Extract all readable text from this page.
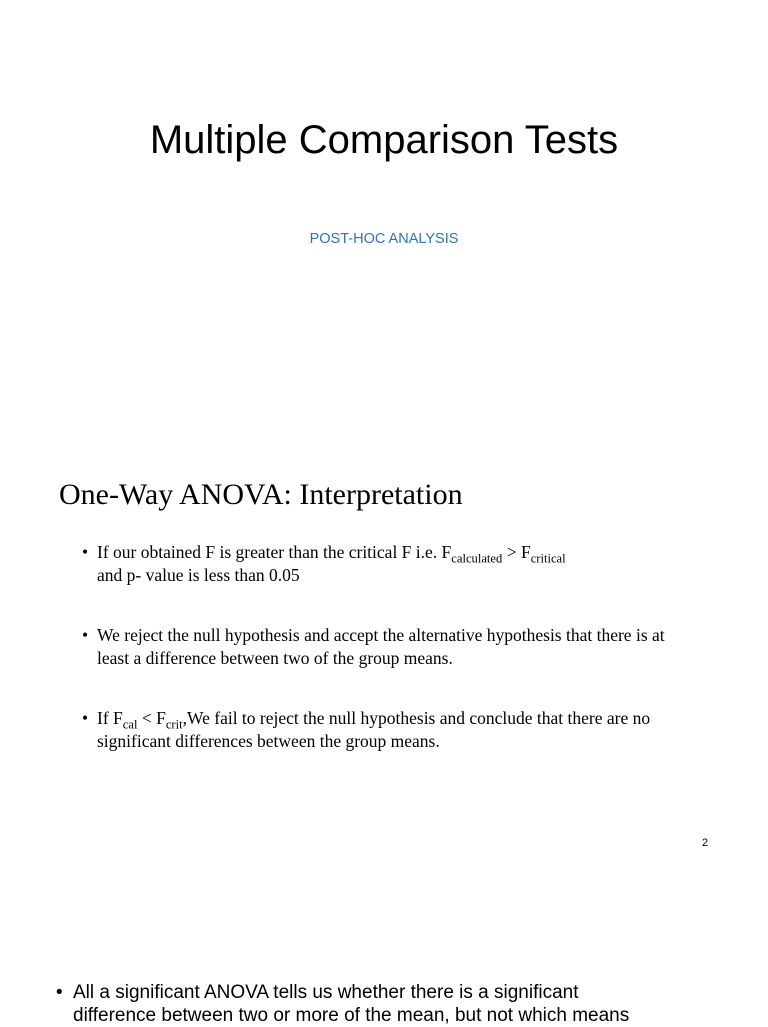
Multiple Comparison Tests
POST-HOC ANALYSIS
One-Way ANOVA: Interpretation
• If our obtained F is greater than the critical F i.e. $F_{calculated} > F_{critical}$
and p- value is less than 0.05
• We reject the null hypothesis and accept the alternative hypothesis that there is at least a difference between two of the group means.
• If $F_{cal} < F_{crit},We$ fail to reject the null hypothesis and conclude that there are no significant differences between the group means.
2
• All a significant ANOVA tells us whether there is a significant
difference between two or more of the mean, but not which means
